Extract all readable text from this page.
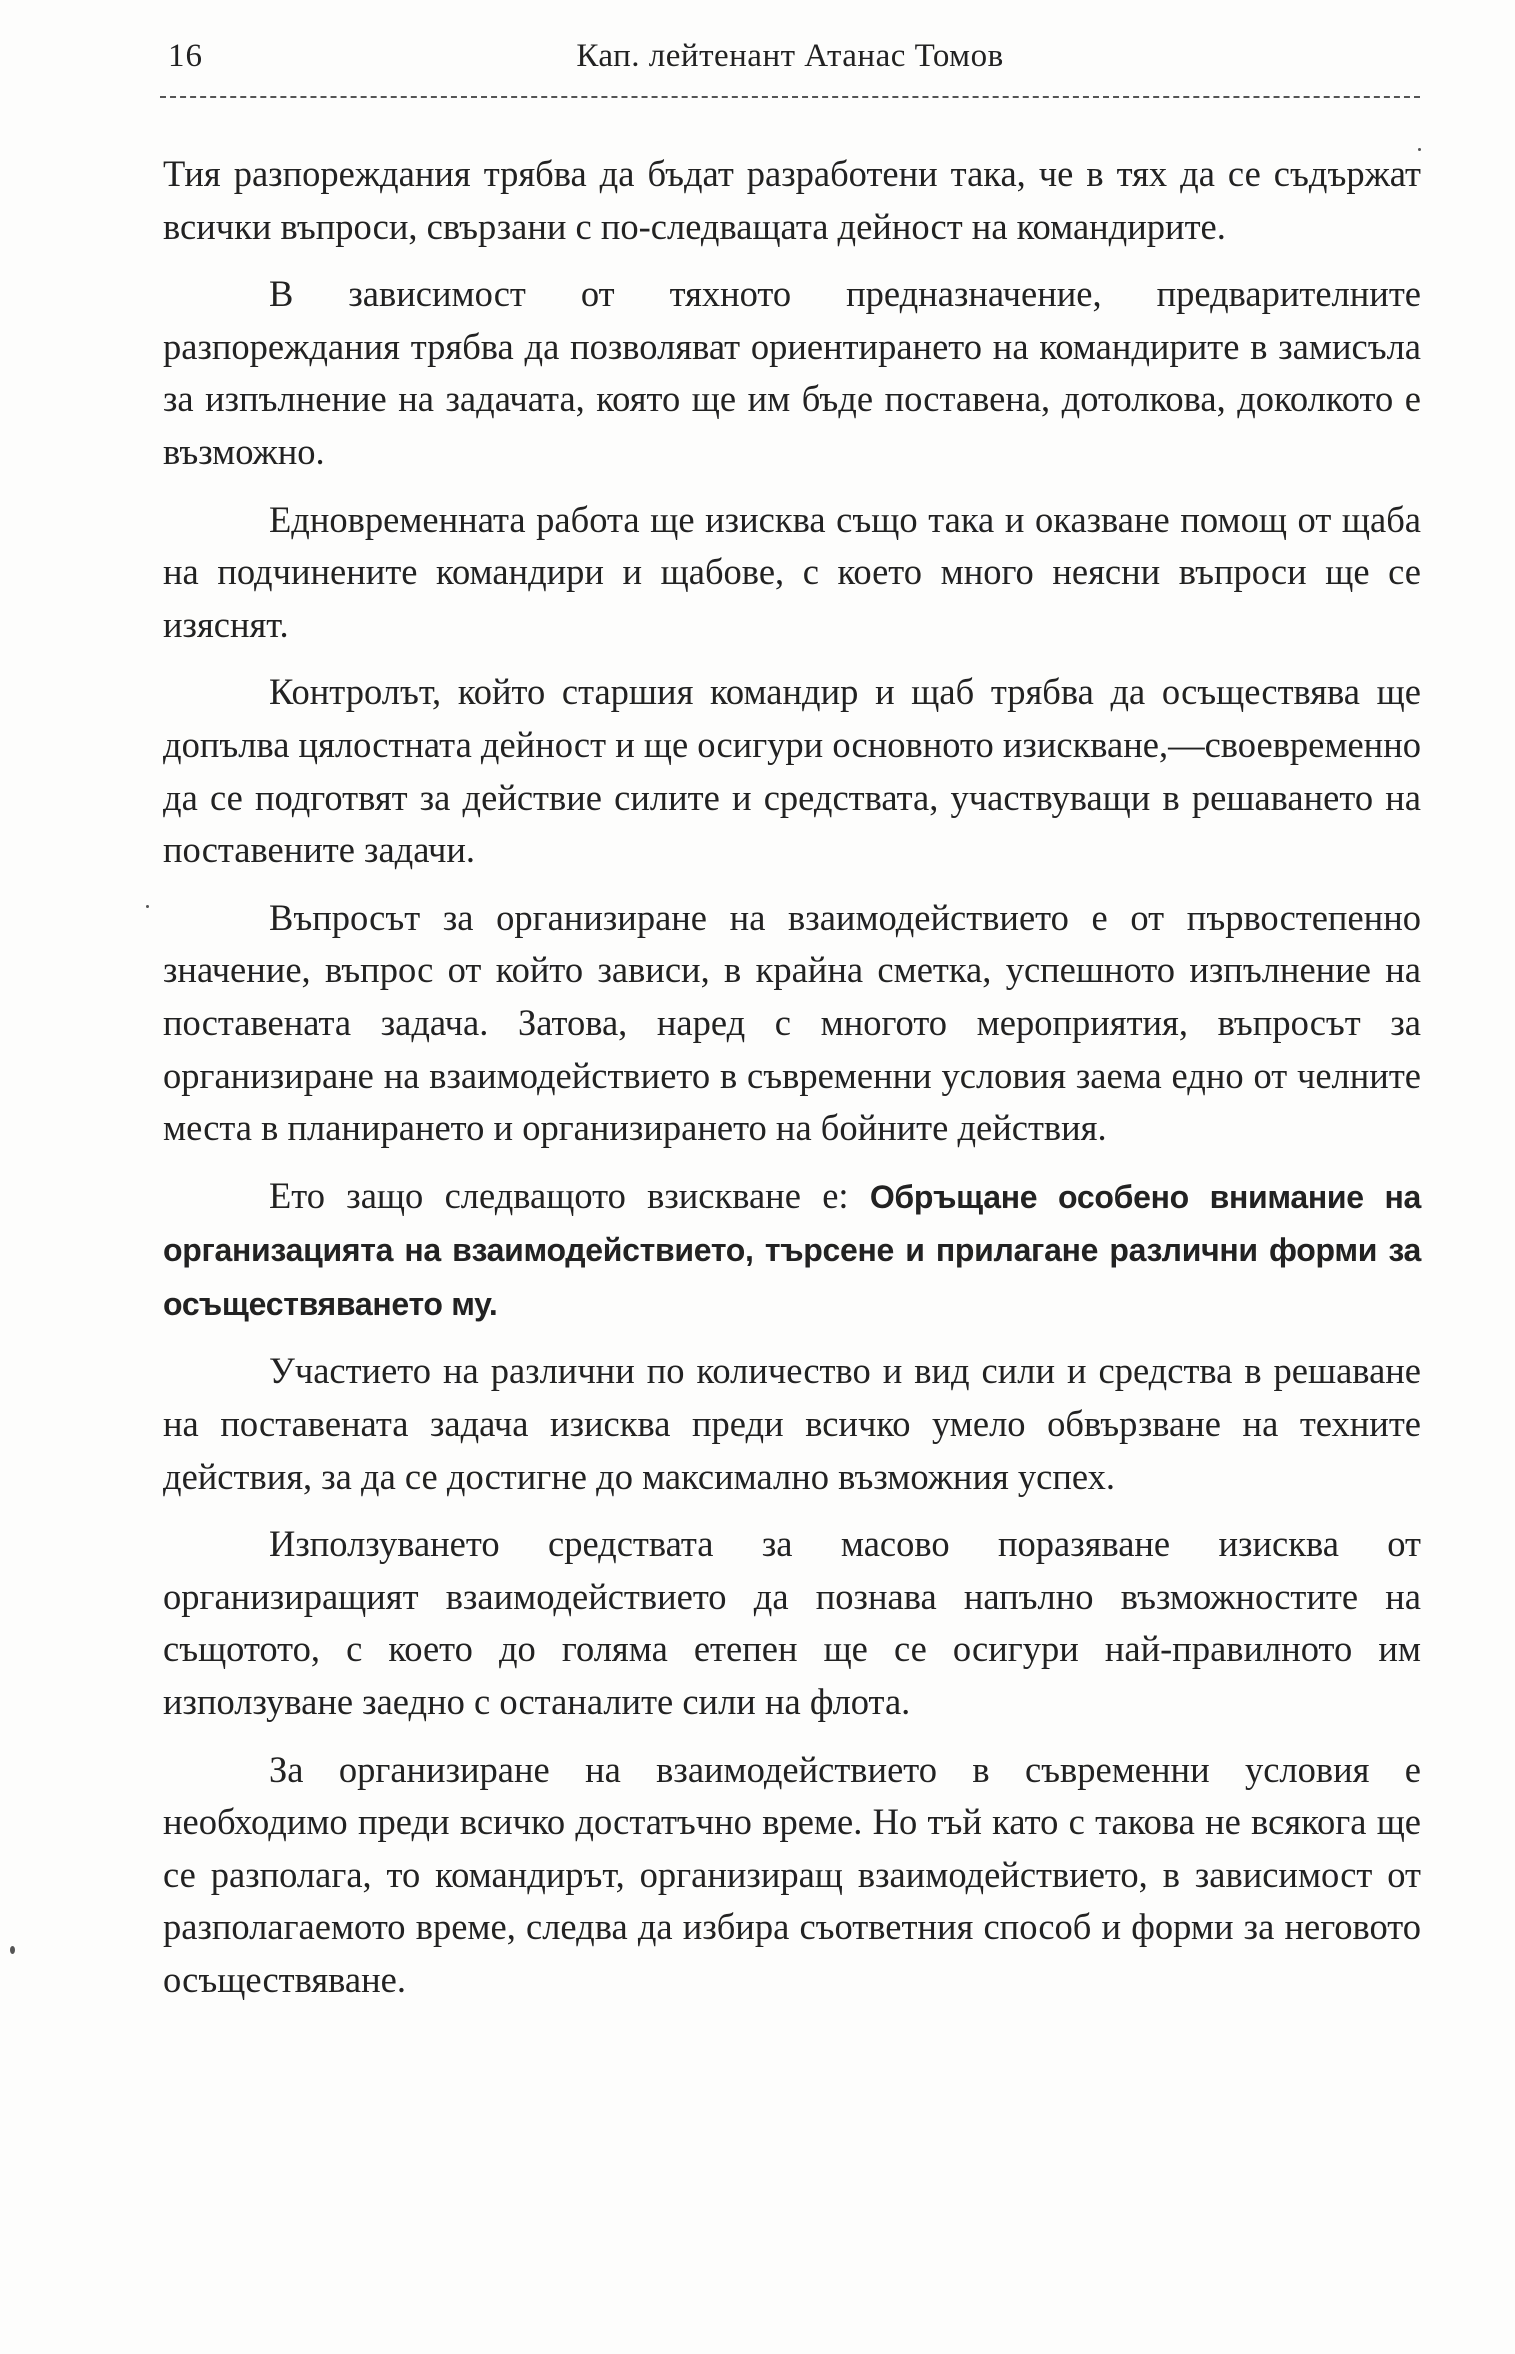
Кап. лейтенант Атанас Томов
16

Тия разпореждания трябва да бъдат разработени така, че в тях да се съдържат всички въпроси, свързани с по-следващата дейност на командирите.

В зависимост от тяхното предназначение, предварителните разпореждания трябва да позволяват ориентирането на командирите в замисъла за изпълнение на задачата, която ще им бъде поставена, дотолкова, доколкото е възможно.

Едновременната работа ще изисква също така и оказване помощ от щаба на подчинените командири и щабове, с което много неясни въпроси ще се изяснят.

Контролът, който старшия командир и щаб трябва да осъществява ще допълва цялостната дейност и ще осигури основното изискване,—своевременно да се подготвят за действие силите и средствата, участвуващи в решаването на поставените задачи.

Въпросът за организиране на взаимодействието е от първостепенно значение, въпрос от който зависи, в крайна сметка, успешното изпълнение на поставената задача. Затова, наред с многото мероприятия, въпросът за организиране на взаимодействието в съвременни условия заема едно от челните места в планирането и организирането на бойните действия.

Ето защо следващото взискване е: Обръщане особено внимание на организацията на взаимодействието, търсене и прилагане различни форми за осъществяването му.

Участието на различни по количество и вид сили и средства в решаване на поставената задача изисква преди всичко умело обвързване на техните действия, за да се достигне до максимално възможния успех.

Използуването средствата за масово поразяване изисква от организиращият взаимодействието да познава напълно възможностите на същотото, с което до голяма етепен ще се осигури най-правилното им използуване заедно с останалите сили на флота.

За организиране на взаимодействието в съвременни условия е необходимо преди всичко достатъчно време. Но тъй като с такова не всякога ще се разполага, то командирът, организиращ взаимодействието, в зависимост от разполагаемото време, следва да избира съответния способ и форми за неговото осъществяване.
